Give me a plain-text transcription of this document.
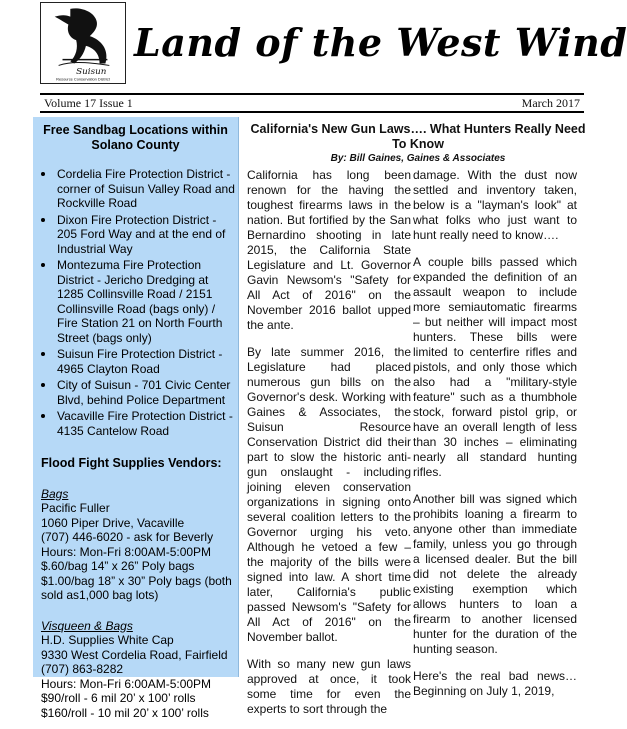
Suisun
Resource Conservation District
Land of the West Wind
Volume 17 Issue 1	March 2017
Free Sandbag Locations within Solano County
Cordelia Fire Protection District - corner of Suisun Valley Road and Rockville Road
Dixon Fire Protection District - 205 Ford Way and at the end of Industrial Way
Montezuma Fire Protection District - Jericho Dredging at 1285 Collinsville Road / 2151 Collinsville Road (bags only) / Fire Station 21 on North Fourth Street (bags only)
Suisun Fire Protection District - 4965 Clayton Road
City of Suisun - 701 Civic Center Blvd, behind Police Department
Vacaville Fire Protection District - 4135 Cantelow Road
Flood Fight Supplies Vendors:
Bags
Pacific Fuller
1060 Piper Drive, Vacaville
(707) 446-6020 - ask for Beverly
Hours: Mon-Fri 8:00AM-5:00PM
$.60/bag 14” x 26” Poly bags
$1.00/bag 18” x 30” Poly bags (both sold as1,000 bag lots)
Visqueen & Bags
H.D. Supplies White Cap
9330 West Cordelia Road, Fairfield
(707) 863-8282
Hours: Mon-Fri 6:00AM-5:00PM
$90/roll - 6 mil 20’ x 100’ rolls
$160/roll - 10 mil 20’ x 100’ rolls
California's New Gun Laws…. What Hunters Really Need To Know
By: Bill Gaines, Gaines & Associates

California has long been renown for the having the toughest firearms laws in the nation. But fortified by the San Bernardino shooting in late 2015, the California State Legislature and Lt. Governor Gavin Newsom's "Safety for All Act of 2016" on the November 2016 ballot upped the ante.

By late summer 2016, the Legislature had placed numerous gun bills on the Governor's desk. Working with Gaines & Associates, the Suisun Resource Conservation District did their part to slow the historic anti-gun onslaught - including joining eleven conservation organizations in signing onto several coalition letters to the Governor urging his veto. Although he vetoed a few – the majority of the bills were signed into law. A short time later, California's public passed Newsom's "Safety for All Act of 2016" on the November ballot.

With so many new gun laws approved at once, it took some time for even the experts to sort through the

damage. With the dust now settled and inventory taken, below is a "layman's look" at what folks who just want to hunt really need to know….

A couple bills passed which expanded the definition of an assault weapon to include more semiautomatic firearms – but neither will impact most hunters. These bills were limited to centerfire rifles and pistols, and only those which also had a "military-style feature" such as a thumbhole stock, forward pistol grip, or have an overall length of less than 30 inches – eliminating nearly all standard hunting rifles.

Another bill was signed which prohibits loaning a firearm to anyone other than immediate family, unless you go through a licensed dealer. But the bill did not delete the already existing exemption which allows hunters to loan a firearm to another licensed hunter for the duration of the hunting season.

Here's the real bad news… Beginning on July 1, 2019,
